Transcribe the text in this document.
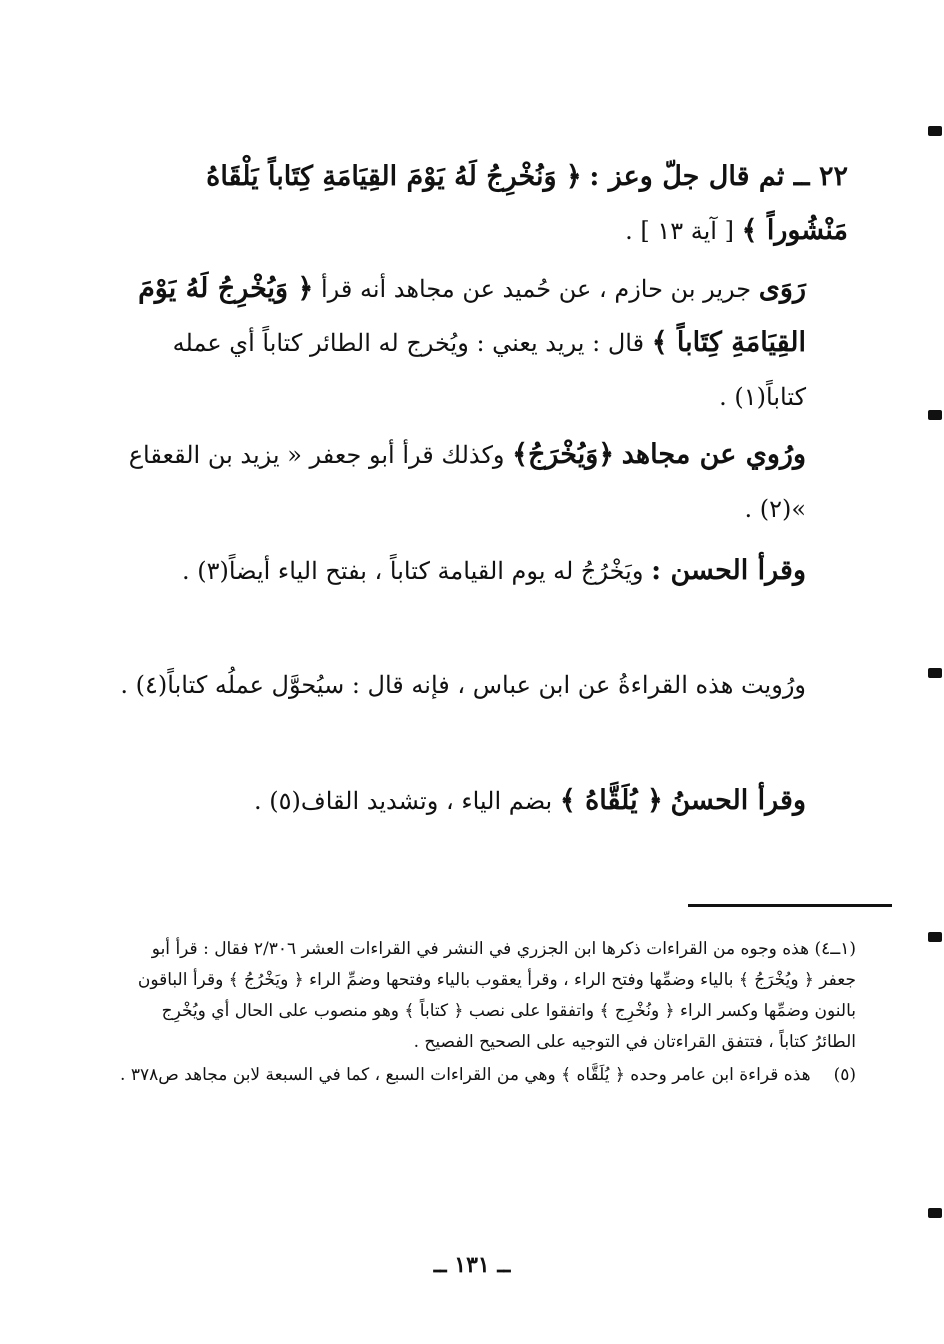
٢٢ ــ ثم قال جلّ وعز : ﴿ وَنُخْرِجُ لَهُ يَوْمَ القِيَامَةِ كِتَاباً يَلْقَاهُ مَنْشُوراً ﴾ [ آية ١٣ ] .

رَوَى جرير بن حازم ، عن حُميد عن مجاهد أنه قرأ ﴿ وَيُخْرِجُ لَهُ يَوْمَ القِيَامَةِ كِتَاباً ﴾ قال : يريد يعني : ويُخرج له الطائر كتاباً أي عمله كتاباً(١) .

ورُوي عن مجاهد ﴿وَيُخْرَجُ﴾ وكذلك قرأ أبو جعفر « يزيد بن القعقاع »(٢) .

وقرأ الحسن : ويَخْرُجُ له يوم القيامة كتاباً ، بفتح الياء أيضاً(٣) .

ورُويت هذه القراءةُ عن ابن عباس ، فإنه قال : سيُحوَّل عملُه كتاباً(٤) .

وقرأ الحسنُ ﴿ يُلَقَّاهُ ﴾ بضم الياء ، وتشديد القاف(٥) .

(١ــ٤) هذه وجوه من القراءات ذكرها ابن الجزري في النشر في القراءات العشر ٢/٣٠٦ فقال : قرأ أبو جعفر ﴿ ويُخْرَجُ ﴾ بالياء وضمِّها وفتح الراء ، وقرأ يعقوب بالياء وفتحها وضمِّ الراء ﴿ ويَخْرُجُ ﴾ وقرأ الباقون بالنون وضمِّها وكسر الراء ﴿ ونُخْرِج ﴾ واتفقوا على نصب ﴿ كتاباً ﴾ وهو منصوب على الحال أي ويُخْرِج الطائرُ كتاباً ، فتتفق القراءتان في التوجيه على الصحيح الفصيح .

(٥) هذه قراءة ابن عامر وحده ﴿ يُلَقَّاه ﴾ وهي من القراءات السبع ، كما في السبعة لابن مجاهد ص٣٧٨ .

ــ ١٣١ ــ
